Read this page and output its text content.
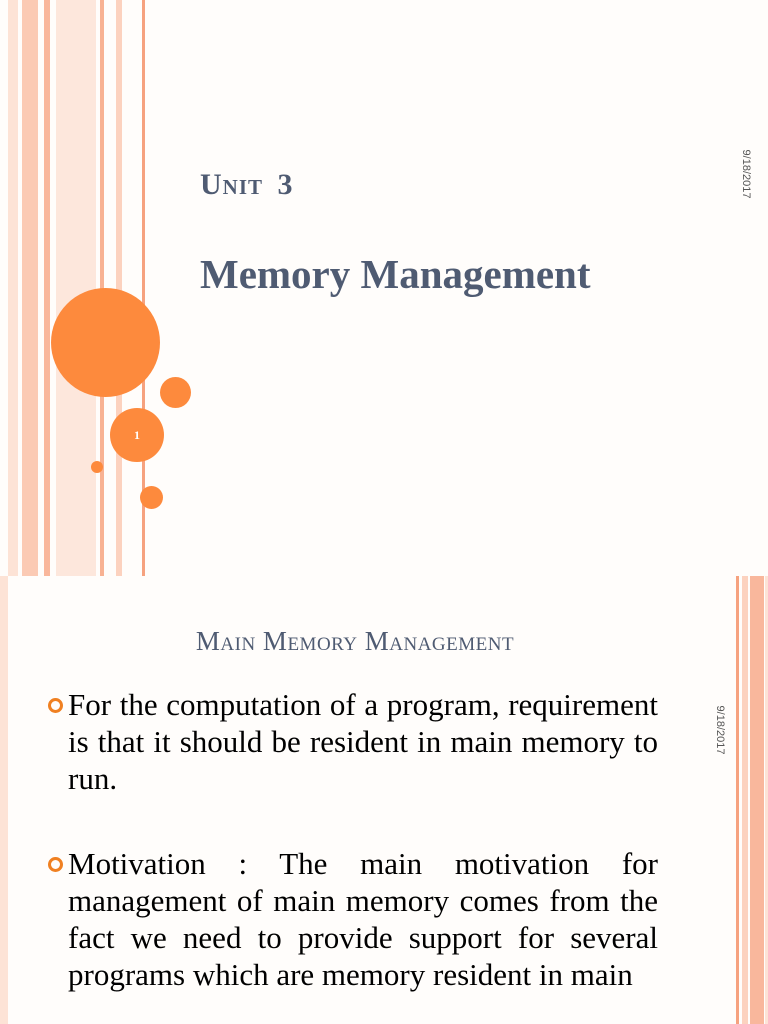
1
Unit 3
Memory Management
9/18/2017
Main Memory Management
9/18/2017
For the computation of a program, requirement is that it should be resident in main memory to run.
Motivation : The main motivation for management of main memory comes from the fact we need to provide support for several programs which are memory resident in main
